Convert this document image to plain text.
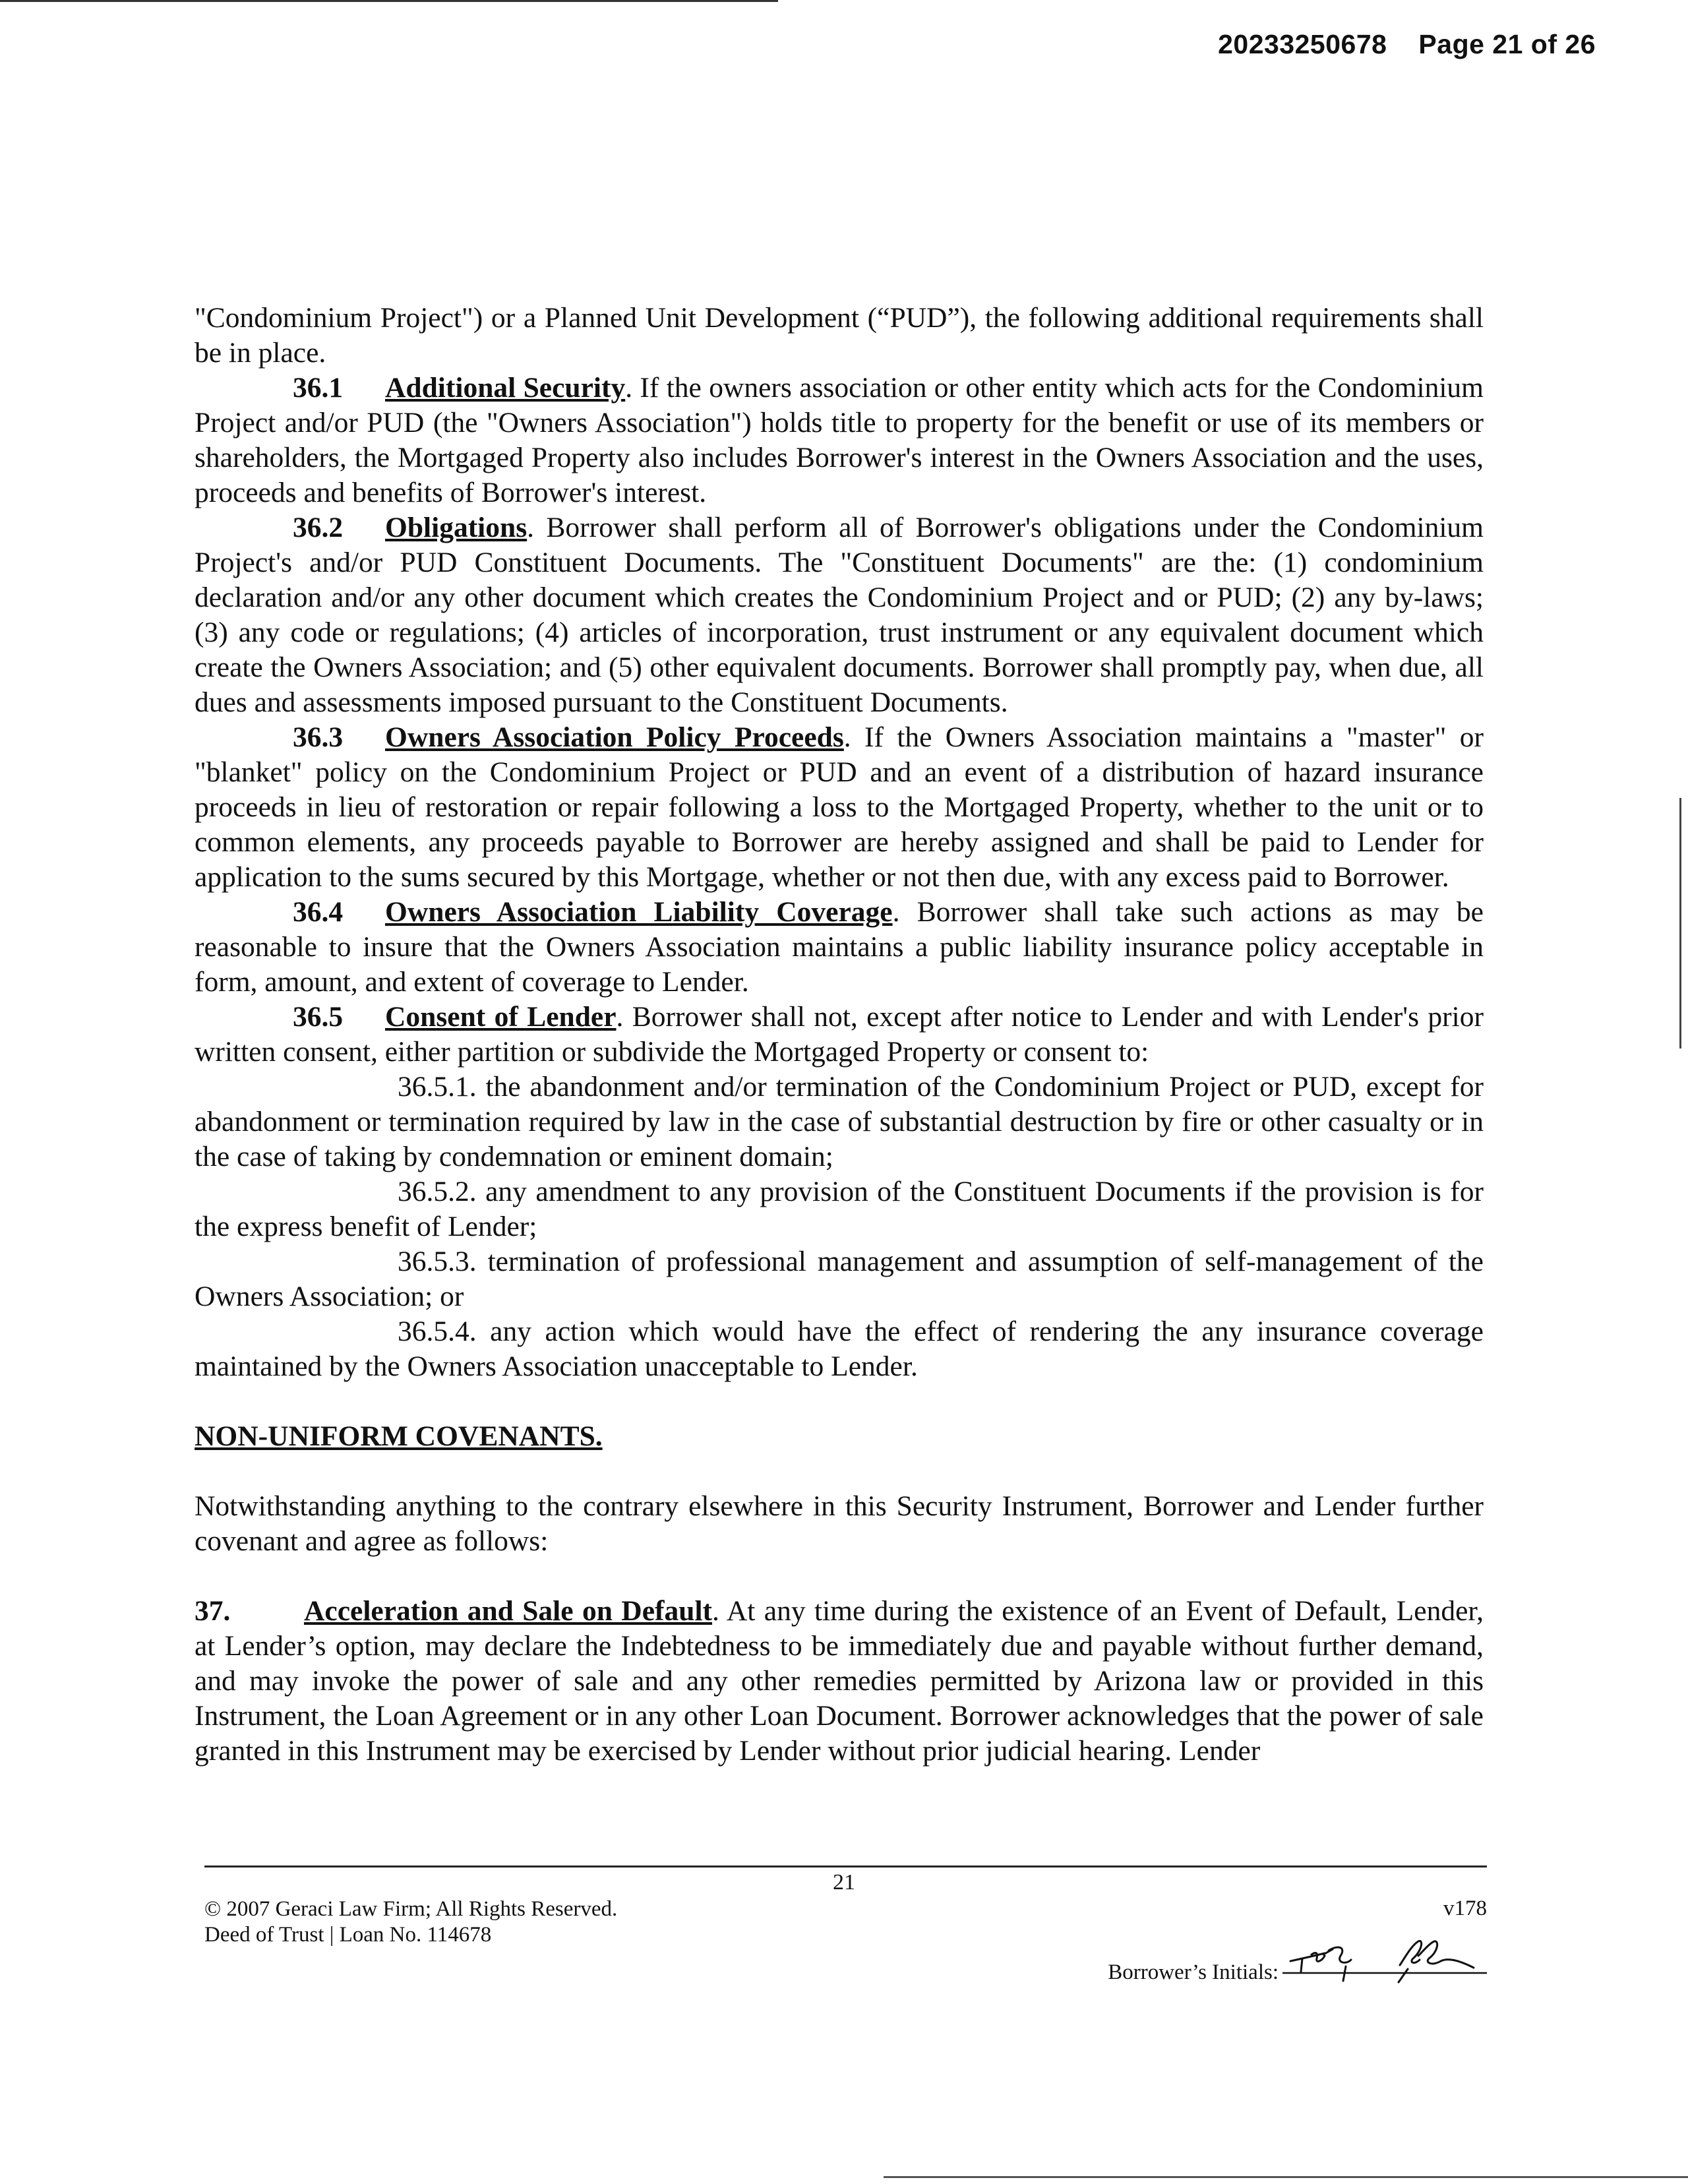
20233250678 Page 21 of 26

"Condominium Project") or a Planned Unit Development (“PUD”), the following additional requirements shall be in place.

36.1 Additional Security. If the owners association or other entity which acts for the Condominium Project and/or PUD (the "Owners Association") holds title to property for the benefit or use of its members or shareholders, the Mortgaged Property also includes Borrower's interest in the Owners Association and the uses, proceeds and benefits of Borrower's interest.

36.2 Obligations. Borrower shall perform all of Borrower's obligations under the Condominium Project's and/or PUD Constituent Documents. The "Constituent Documents" are the: (1) condominium declaration and/or any other document which creates the Condominium Project and or PUD; (2) any by-laws; (3) any code or regulations; (4) articles of incorporation, trust instrument or any equivalent document which create the Owners Association; and (5) other equivalent documents. Borrower shall promptly pay, when due, all dues and assessments imposed pursuant to the Constituent Documents.

36.3 Owners Association Policy Proceeds. If the Owners Association maintains a "master" or "blanket" policy on the Condominium Project or PUD and an event of a distribution of hazard insurance proceeds in lieu of restoration or repair following a loss to the Mortgaged Property, whether to the unit or to common elements, any proceeds payable to Borrower are hereby assigned and shall be paid to Lender for application to the sums secured by this Mortgage, whether or not then due, with any excess paid to Borrower.

36.4 Owners Association Liability Coverage. Borrower shall take such actions as may be reasonable to insure that the Owners Association maintains a public liability insurance policy acceptable in form, amount, and extent of coverage to Lender.

36.5 Consent of Lender. Borrower shall not, except after notice to Lender and with Lender's prior written consent, either partition or subdivide the Mortgaged Property or consent to:

36.5.1. the abandonment and/or termination of the Condominium Project or PUD, except for abandonment or termination required by law in the case of substantial destruction by fire or other casualty or in the case of taking by condemnation or eminent domain;

36.5.2. any amendment to any provision of the Constituent Documents if the provision is for the express benefit of Lender;

36.5.3. termination of professional management and assumption of self-management of the Owners Association; or

36.5.4. any action which would have the effect of rendering the any insurance coverage maintained by the Owners Association unacceptable to Lender.

NON-UNIFORM COVENANTS.

Notwithstanding anything to the contrary elsewhere in this Security Instrument, Borrower and Lender further covenant and agree as follows:

37.	Acceleration and Sale on Default. At any time during the existence of an Event of Default, Lender, at Lender’s option, may declare the Indebtedness to be immediately due and payable without further demand, and may invoke the power of sale and any other remedies permitted by Arizona law or provided in this Instrument, the Loan Agreement or in any other Loan Document. Borrower acknowledges that the power of sale granted in this Instrument may be exercised by Lender without prior judicial hearing. Lender

21
© 2007 Geraci Law Firm; All Rights Reserved.
Deed of Trust | Loan No. 114678
v178
Borrower’s Initials:
